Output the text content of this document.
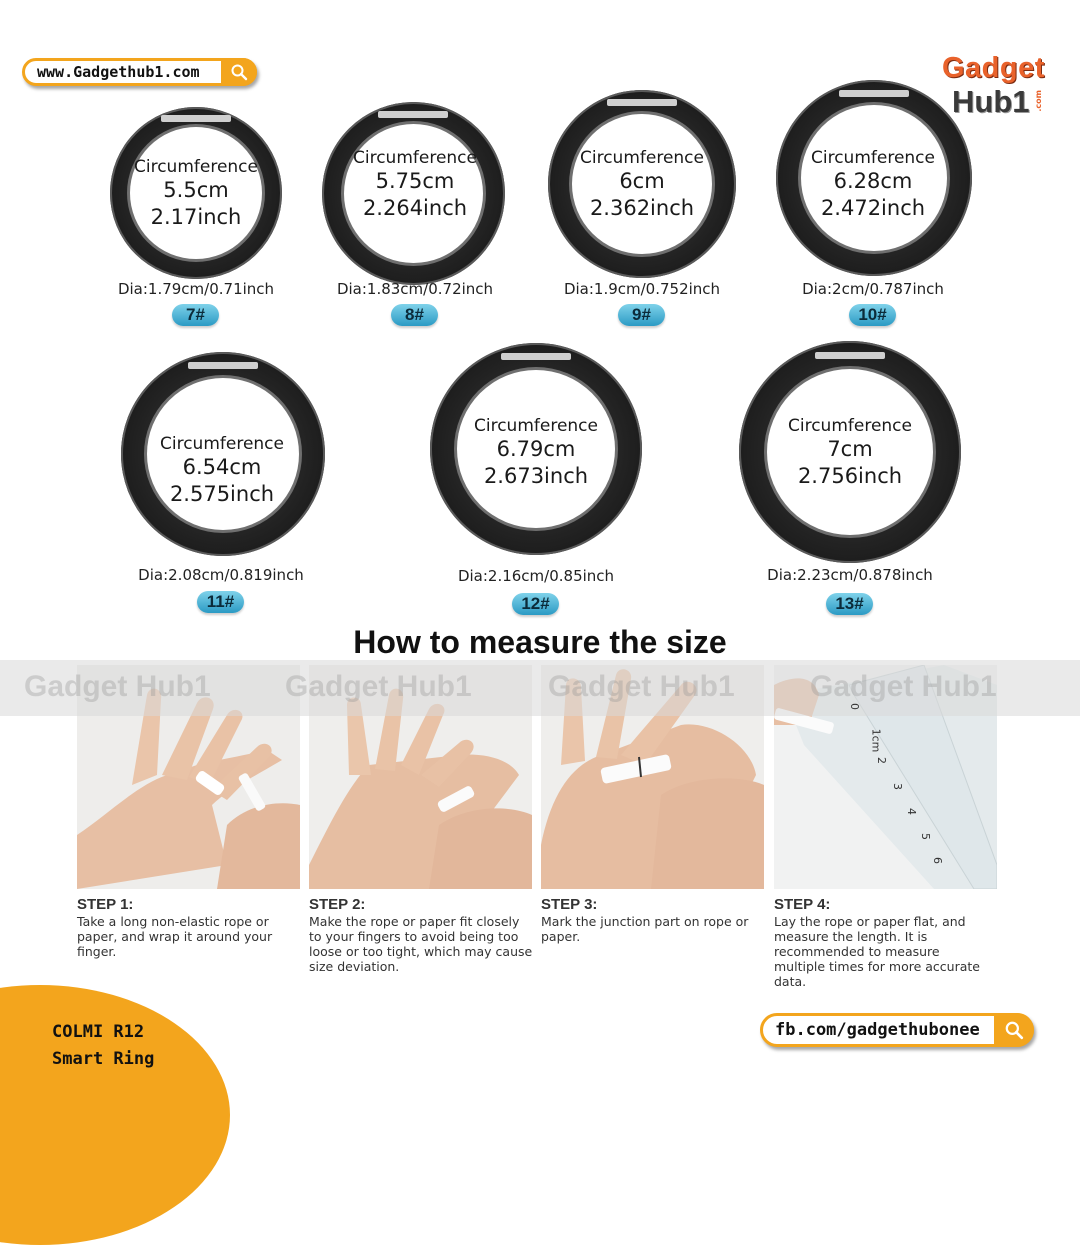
www.Gadgethub1.com	Gadget
Hub1 .com
Circumference
5.5cm
2.17inch
Dia:1.79cm/0.71inch
7#
Circumference
5.75cm
2.264inch
Dia:1.83cm/0.72inch
8#
Circumference
6cm
2.362inch
Dia:1.9cm/0.752inch
9#
Circumference
6.28cm
2.472inch
Dia:2cm/0.787inch
10#
Circumference
6.54cm
2.575inch
Dia:2.08cm/0.819inch
11#
Circumference
6.79cm
2.673inch
Dia:2.16cm/0.85inch
12#
Circumference
7cm
2.756inch
Dia:2.23cm/0.878inch
13#
How to measure the size
Gadget Hub1 Gadget Hub1	Gadget Hub1	Gadget Hub1
0
1cm
2
3
4
5
6
STEP 1:
Take a long non-elastic rope or paper, and wrap it around your finger.
STEP 2:
Make the rope or paper fit closely to your fingers to avoid being too loose or too tight, which may cause size deviation.
STEP 3:
Mark the junction part on rope or paper.
STEP 4:
Lay the rope or paper flat, and measure the length. It is recommended to measure multiple times for more accurate data.
COLMI R12
Smart Ring
fb.com/gadgethubonee
